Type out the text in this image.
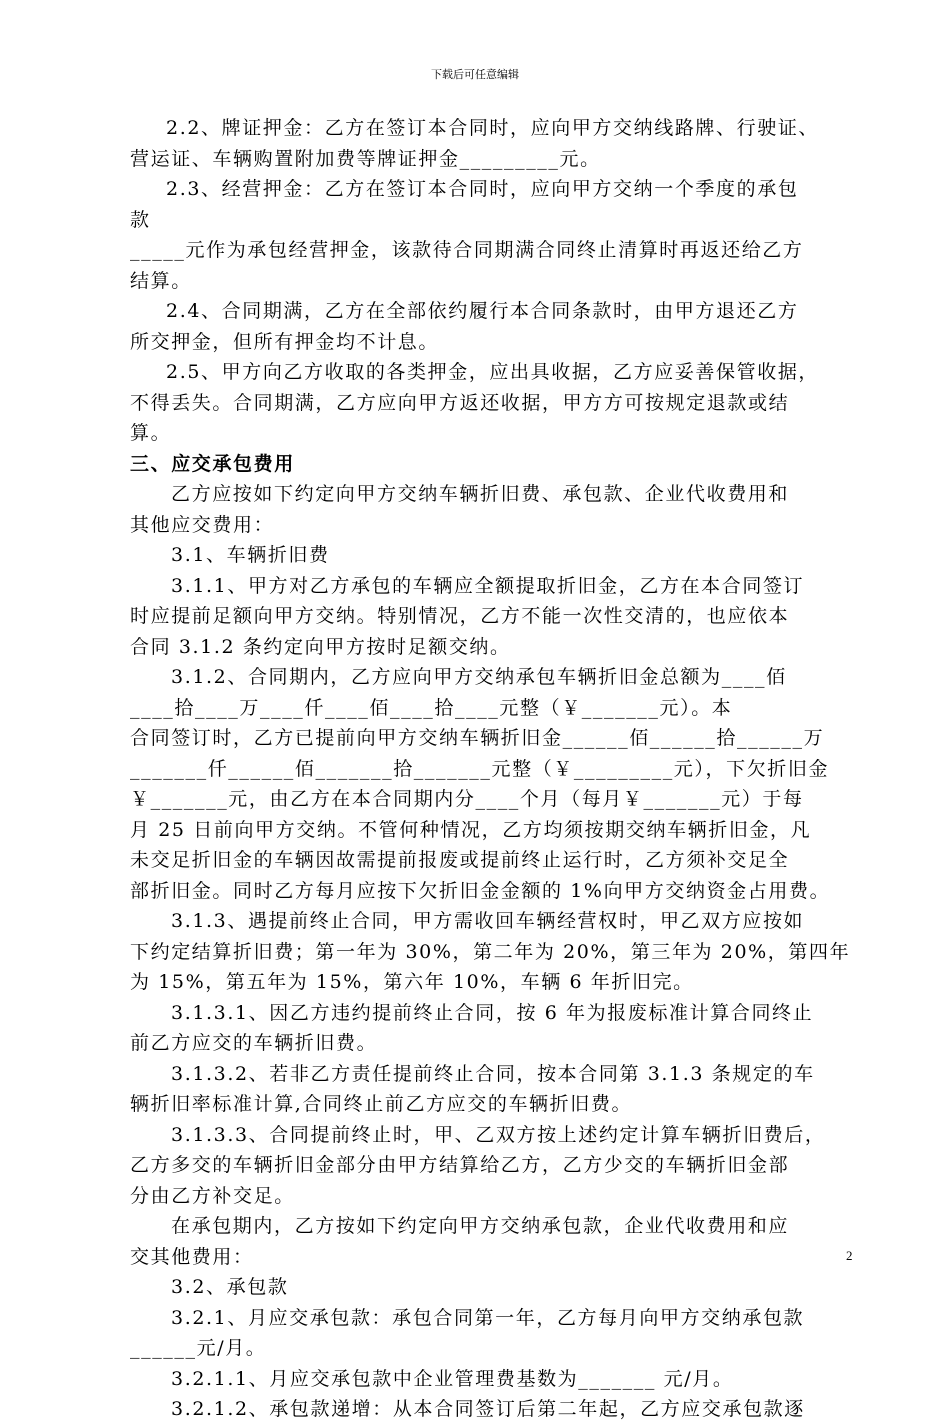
下载后可任意编辑
2.2、牌证押金：乙方在签订本合同时，应向甲方交纳线路牌、行驶证、
营运证、车辆购置附加费等牌证押金_________元。
2.3、经营押金：乙方在签订本合同时，应向甲方交纳一个季度的承包
款
_____元作为承包经营押金，该款待合同期满合同终止清算时再返还给乙方
结算。
2.4、合同期满，乙方在全部依约履行本合同条款时，由甲方退还乙方
所交押金，但所有押金均不计息。
2.5、甲方向乙方收取的各类押金，应出具收据，乙方应妥善保管收据，
不得丢失。合同期满，乙方应向甲方返还收据，甲方方可按规定退款或结
算。
三、应交承包费用
乙方应按如下约定向甲方交纳车辆折旧费、承包款、企业代收费用和
其他应交费用：
3.1、车辆折旧费
3.1.1、甲方对乙方承包的车辆应全额提取折旧金，乙方在本合同签订
时应提前足额向甲方交纳。特别情况，乙方不能一次性交清的，也应依本
合同 3.1.2 条约定向甲方按时足额交纳。
3.1.2、合同期内，乙方应向甲方交纳承包车辆折旧金总额为____佰
____拾____万____仟____佰____拾____元整（￥_______元）。本
合同签订时，乙方已提前向甲方交纳车辆折旧金______佰______拾______万
_______仟______佰_______拾_______元整（￥_________元），下欠折旧金
￥_______元，由乙方在本合同期内分____个月（每月￥_______元）于每
月 25 日前向甲方交纳。不管何种情况，乙方均须按期交纳车辆折旧金，凡
未交足折旧金的车辆因故需提前报废或提前终止运行时，乙方须补交足全
部折旧金。同时乙方每月应按下欠折旧金金额的 1%向甲方交纳资金占用费。
3.1.3、遇提前终止合同，甲方需收回车辆经营权时，甲乙双方应按如
下约定结算折旧费；第一年为 30%，第二年为 20%，第三年为 20%，第四年
为 15%，第五年为 15%，第六年 10%，车辆 6 年折旧完。
3.1.3.1、因乙方违约提前终止合同，按 6 年为报废标准计算合同终止
前乙方应交的车辆折旧费。
3.1.3.2、若非乙方责任提前终止合同，按本合同第 3.1.3 条规定的车
辆折旧率标准计算,合同终止前乙方应交的车辆折旧费。
3.1.3.3、合同提前终止时，甲、乙双方按上述约定计算车辆折旧费后，
乙方多交的车辆折旧金部分由甲方结算给乙方，乙方少交的车辆折旧金部
分由乙方补交足。
在承包期内，乙方按如下约定向甲方交纳承包款，企业代收费用和应
交其他费用：
3.2、承包款
3.2.1、月应交承包款：承包合同第一年，乙方每月向甲方交纳承包款
______元/月。
3.2.1.1、月应交承包款中企业管理费基数为_______ 元/月。
3.2.1.2、承包款递增：从本合同签订后第二年起，乙方应交承包款逐
2
